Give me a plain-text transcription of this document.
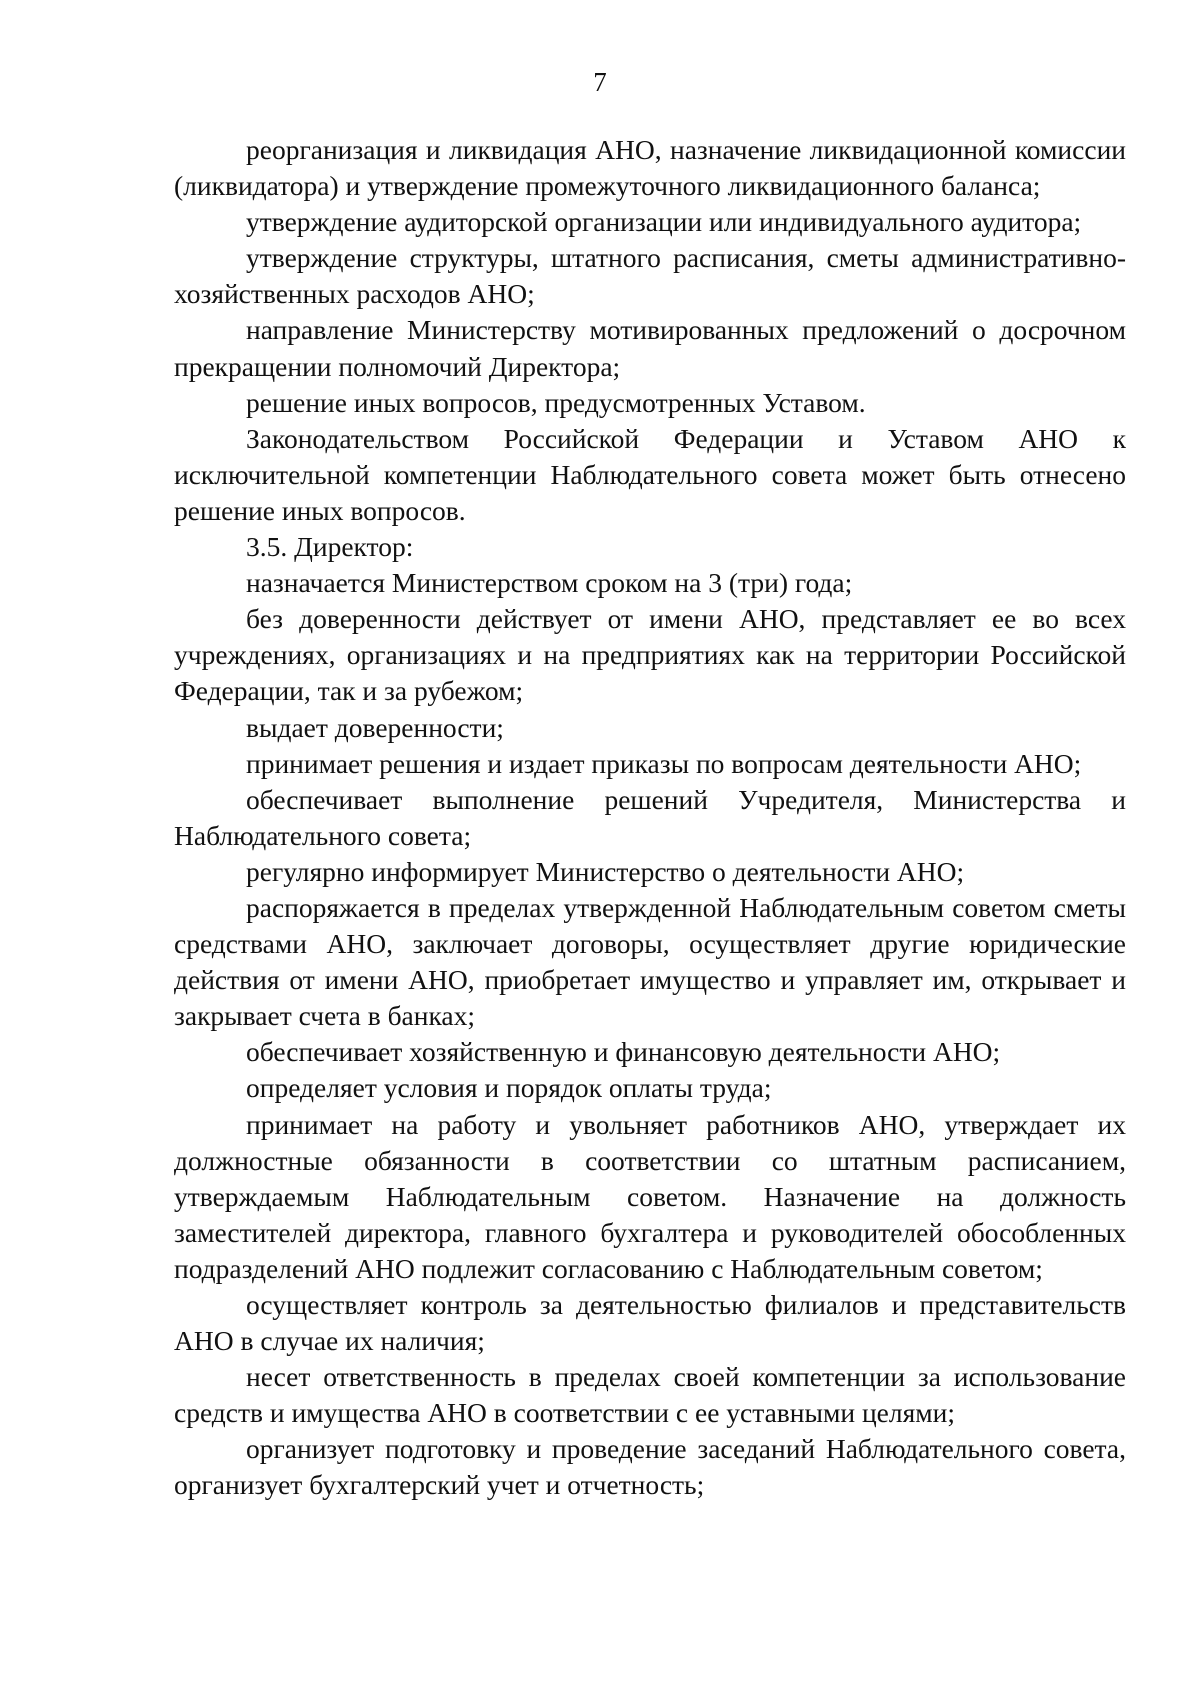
7

реорганизация и ликвидация АНО, назначение ликвидационной комиссии (ликвидатора) и утверждение промежуточного ликвидационного баланса;

утверждение аудиторской организации или индивидуального аудитора;

утверждение структуры, штатного расписания, сметы административно-хозяйственных расходов АНО;

направление Министерству мотивированных предложений о досрочном прекращении полномочий Директора;

решение иных вопросов, предусмотренных Уставом.

Законодательством Российской Федерации и Уставом АНО к исключительной компетенции Наблюдательного совета может быть отнесено решение иных вопросов.

3.5. Директор:

назначается Министерством сроком на 3 (три) года;

без доверенности действует от имени АНО, представляет ее во всех учреждениях, организациях и на предприятиях как на территории Российской Федерации, так и за рубежом;

выдает доверенности;

принимает решения и издает приказы по вопросам деятельности АНО;

обеспечивает выполнение решений Учредителя, Министерства и Наблюдательного совета;

регулярно информирует Министерство о деятельности АНО;

распоряжается в пределах утвержденной Наблюдательным советом сметы средствами АНО, заключает договоры, осуществляет другие юридические действия от имени АНО, приобретает имущество и управляет им, открывает и закрывает счета в банках;

обеспечивает хозяйственную и финансовую деятельности АНО;

определяет условия и порядок оплаты труда;

принимает на работу и увольняет работников АНО, утверждает их должностные обязанности в соответствии со штатным расписанием, утверждаемым Наблюдательным советом. Назначение на должность заместителей директора, главного бухгалтера и руководителей обособленных подразделений АНО подлежит согласованию с Наблюдательным советом;

осуществляет контроль за деятельностью филиалов и представительств АНО в случае их наличия;

несет ответственность в пределах своей компетенции за использование средств и имущества АНО в соответствии с ее уставными целями;

организует подготовку и проведение заседаний Наблюдательного совета, организует бухгалтерский учет и отчетность;
